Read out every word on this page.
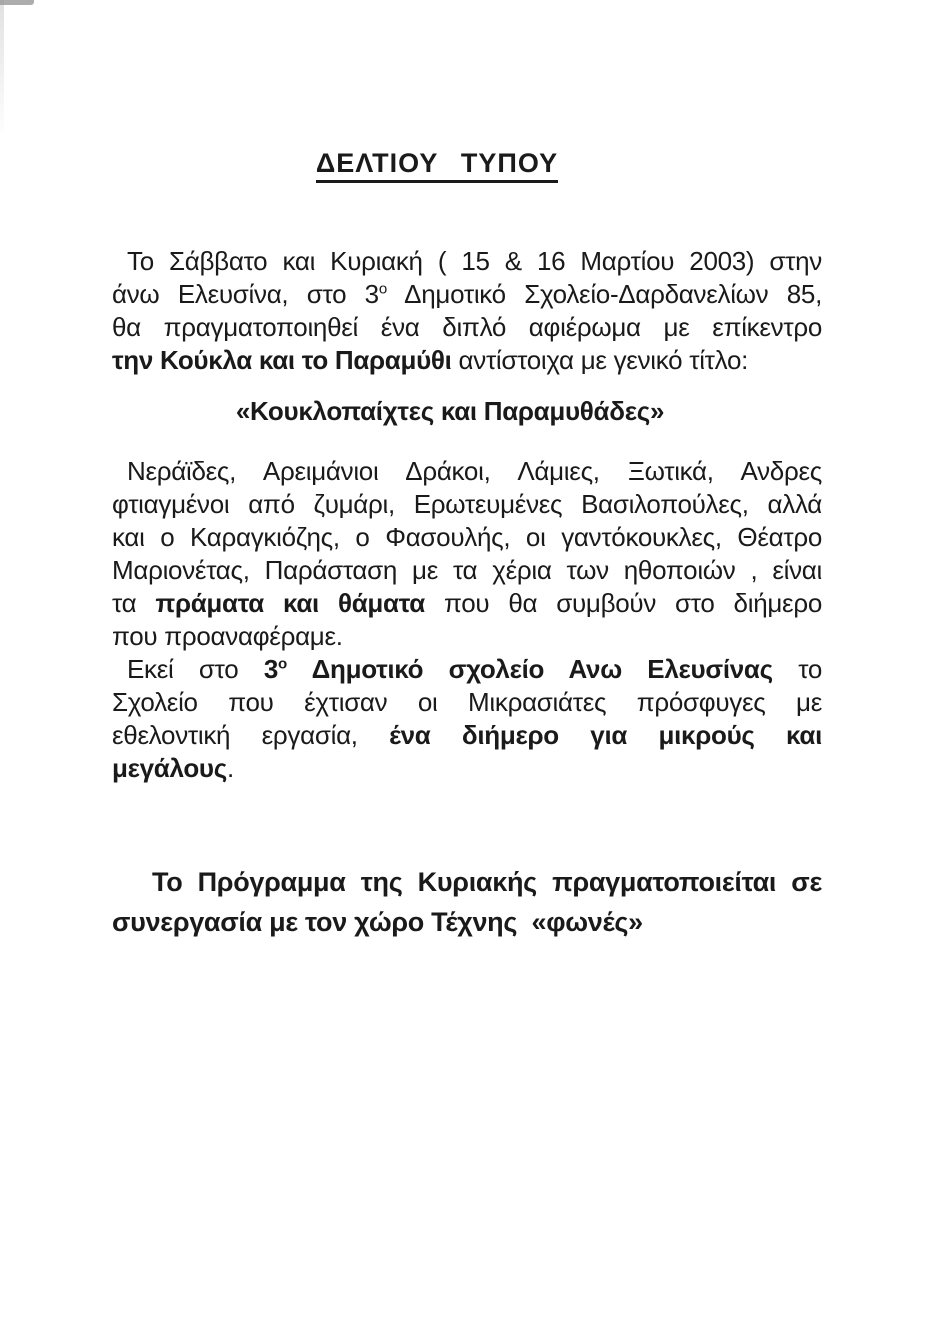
ΔΕΛΤΙΟΥ ΤΥΠΟΥ
Το Σάββατο και Κυριακή ( 15 & 16 Μαρτίου 2003) στην
άνω Ελευσίνα, στο $3^o$ Δημοτικό Σχολείο-Δαρδανελίων 85,
θα πραγματοποιηθεί ένα διπλό αφιέρωμα με επίκεντρο
την Κούκλα και το Παραμύθι αντίστοιχα με γενικό τίτλο:
«Κουκλοπαίχτες και Παραμυθάδες»
Νεράϊδες, Αρειμάνιοι Δράκοι, Λάμιες, Ξωτικά, Ανδρες
φτιαγμένοι από ζυμάρι, Ερωτευμένες Βασιλοπούλες, αλλά
και ο Καραγκιόζης, ο Φασουλής, οι γαντόκουκλες, Θέατρο
Μαριονέτας, Παράσταση με τα χέρια των ηθοποιών , είναι
τα πράματα και θάματα που θα συμβούν στο διήμερο
που προαναφέραμε.
Εκεί στο $3^o$ Δημοτικό σχολείο Ανω Ελευσίνας το
Σχολείο που έχτισαν οι Μικρασιάτες πρόσφυγες με
εθελοντική εργασία, ένα διήμερο για μικρούς και
μεγάλους.
Το Πρόγραμμα της Κυριακής πραγματοποιείται σε
συνεργασία με τον χώρο Τέχνης  «φωνές»
